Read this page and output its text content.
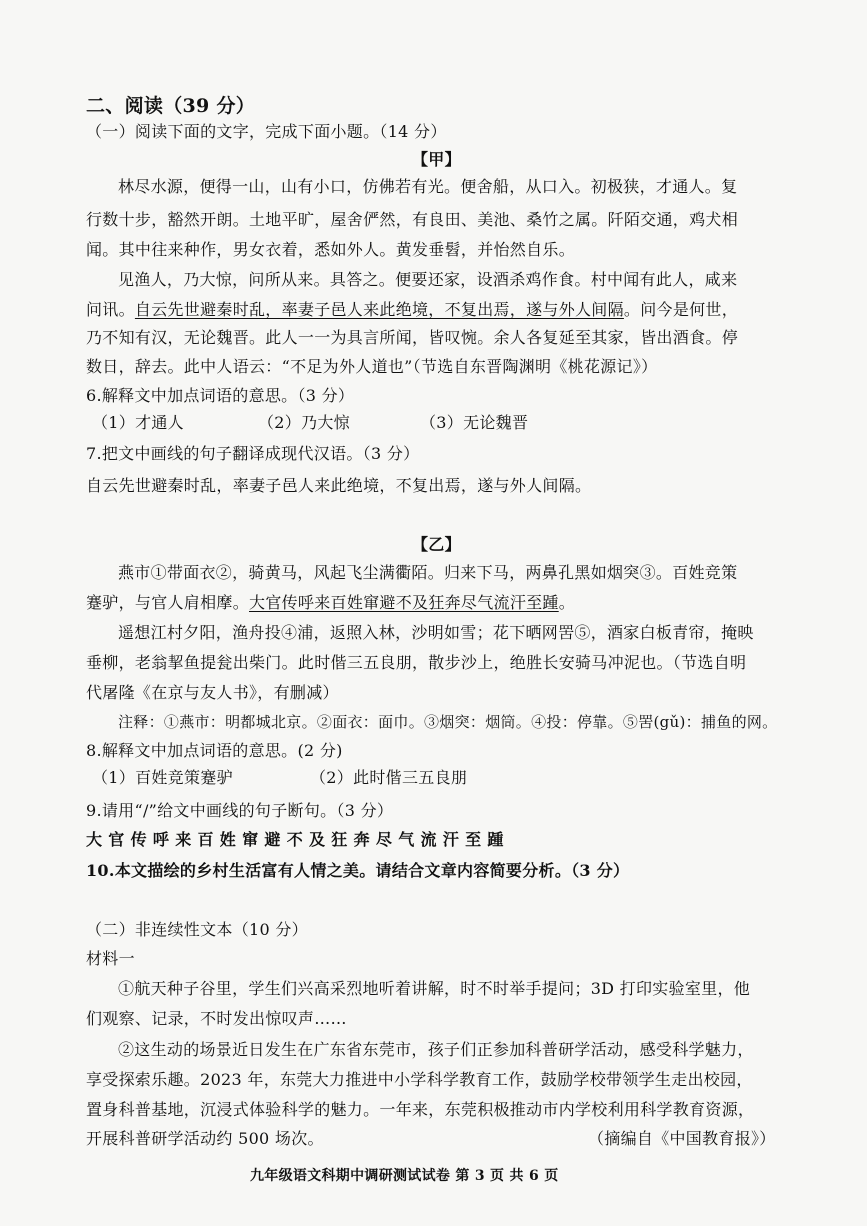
二、阅读（39 分）
（一）阅读下面的文字，完成下面小题。（14 分）
【甲】
林尽水源，便得一山，山有小口，仿佛若有光。便舍船，从口入。初极狭，才通人。复
行数十步，豁然开朗。土地平旷，屋舍俨然，有良田、美池、桑竹之属。阡陌交通，鸡犬相
闻。其中往来种作，男女衣着，悉如外人。黄发垂髫，并怡然自乐。
见渔人，乃大惊，问所从来。具答之。便要还家，设酒杀鸡作食。村中闻有此人，咸来
问讯。自云先世避秦时乱，率妻子邑人来此绝境，不复出焉，遂与外人间隔。问今是何世，
乃不知有汉，无论魏晋。此人一一为具言所闻，皆叹惋。余人各复延至其家，皆出酒食。停
数日，辞去。此中人语云：“不足为外人道也”（节选自东晋陶渊明《桃花源记》）
6.解释文中加点词语的意思。（3 分）
（1）才通人	（2）乃大惊	（3）无论魏晋
7.把文中画线的句子翻译成现代汉语。（3 分）
自云先世避秦时乱，率妻子邑人来此绝境，不复出焉，遂与外人间隔。
【乙】
燕市①带面衣②，骑黄马，风起飞尘满衢陌。归来下马，两鼻孔黑如烟突③。百姓竞策
蹇驴，与官人肩相摩。大官传呼来百姓窜避不及狂奔尽气流汗至踵。
遥想江村夕阳，渔舟投④浦，返照入林，沙明如雪；花下晒网罟⑤，酒家白板青帘，掩映
垂柳，老翁挈鱼提瓮出柴门。此时偕三五良朋，散步沙上，绝胜长安骑马冲泥也。（节选自明
代屠隆《在京与友人书》，有删减）
注释：①燕市：明都城北京。②面衣：面巾。③烟突：烟筒。④投：停靠。⑤罟(gǔ)：捕鱼的网。
8.解释文中加点词语的意思。(2 分)
（1）百姓竞策蹇驴	（2）此时偕三五良朋
9.请用“/”给文中画线的句子断句。（3 分）
大官传呼来百姓窜避不及狂奔尽气流汗至踵
10.本文描绘的乡村生活富有人情之美。请结合文章内容简要分析。（3 分）
（二）非连续性文本（10 分）
材料一
①航天种子谷里，学生们兴高采烈地听着讲解，时不时举手提问；3D 打印实验室里，他
们观察、记录，不时发出惊叹声……
②这生动的场景近日发生在广东省东莞市，孩子们正参加科普研学活动，感受科学魅力，
享受探索乐趣。2023 年，东莞大力推进中小学科学教育工作，鼓励学校带领学生走出校园，
置身科普基地，沉浸式体验科学的魅力。一年来，东莞积极推动市内学校利用科学教育资源，
开展科普研学活动约 500 场次。	（摘编自《中国教育报》）
九年级语文科期中调研测试试卷 第 3 页 共 6 页
